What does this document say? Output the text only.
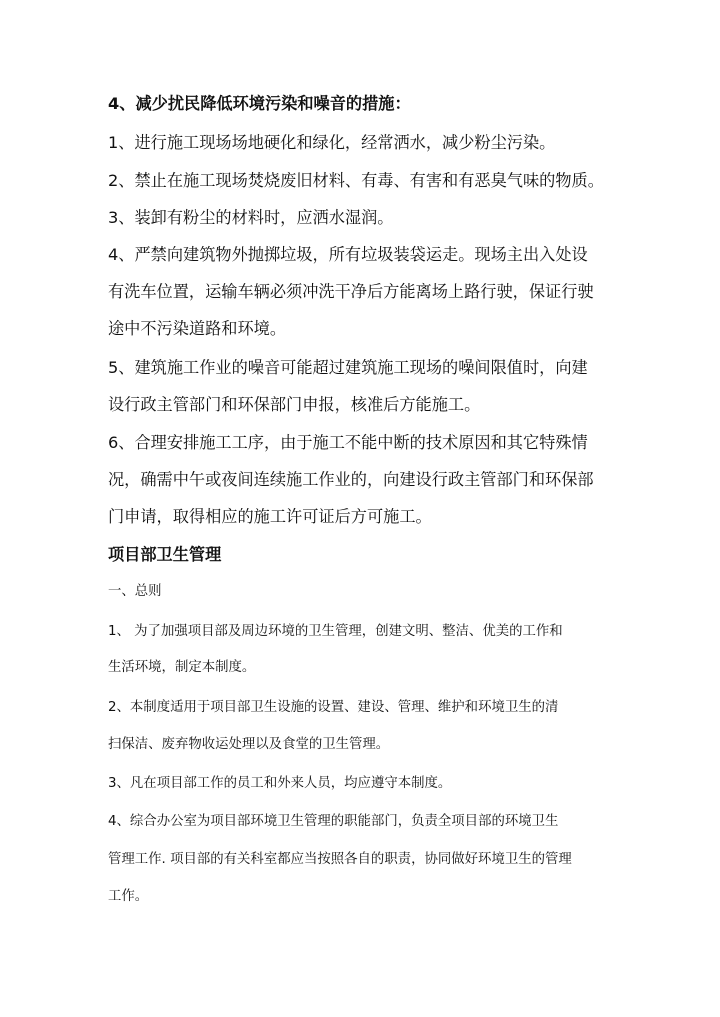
4、减少扰民降低环境污染和噪音的措施：

1、进行施工现场场地硬化和绿化，经常洒水，减少粉尘污染。

2、禁止在施工现场焚烧废旧材料、有毒、有害和有恶臭气味的物质。

3、装卸有粉尘的材料时，应洒水湿润。

4、严禁向建筑物外抛掷垃圾，所有垃圾装袋运走。现场主出入处设

有洗车位置，运输车辆必须冲洗干净后方能离场上路行驶，保证行驶

途中不污染道路和环境。

5、建筑施工作业的噪音可能超过建筑施工现场的噪间限值时，向建

设行政主管部门和环保部门申报，核准后方能施工。

6、合理安排施工工序，由于施工不能中断的技术原因和其它特殊情

况，确需中午或夜间连续施工作业的，向建设行政主管部门和环保部

门申请，取得相应的施工许可证后方可施工。

项目部卫生管理

一、总则

1、 为了加强项目部及周边环境的卫生管理，创建文明、整洁、优美的工作和

生活环境，制定本制度。

2、本制度适用于项目部卫生设施的设置、建设、管理、维护和环境卫生的清

扫保洁、废弃物收运处理以及食堂的卫生管理。

3、凡在项目部工作的员工和外来人员，均应遵守本制度。

4、综合办公室为项目部环境卫生管理的职能部门，负责全项目部的环境卫生

管理工作. 项目部的有关科室都应当按照各自的职责，协同做好环境卫生的管理

工作。
